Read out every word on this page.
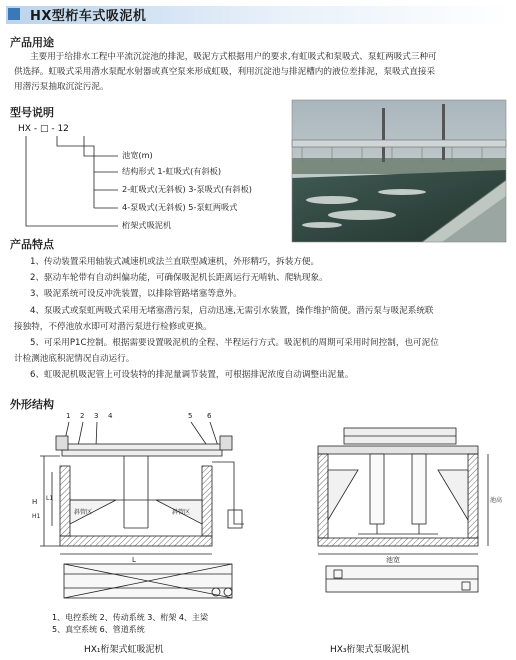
HX型桁车式吸泥机
产品用途
主要用于给排水工程中平流沉淀池的排泥，吸泥方式根据用户的要求,有虹吸式和泵吸式、泵虹两吸式三种可
供选择。虹吸式采用潜水泵配水射器或真空泵来形成虹吸，利用沉淀池与排泥槽内的液位差排泥，泵吸式直接采
用潜污泵抽取沉淀污泥。
型号说明
HX - □ - 12
池宽(m)
结构形式 1-虹吸式(有斜板)
2-虹吸式(无斜板) 3-泵吸式(有斜板)
4-泵吸式(无斜板) 5-泵虹两吸式
桁架式吸泥机
产品特点
1、传动装置采用轴装式减速机或法兰直联型减速机，外形精巧，拆装方便。
2、驱动车轮带有自动纠偏功能，可确保吸泥机长距离运行无啃轨、爬轨现象。
3、吸泥系统可设反冲洗装置，以排除管路堵塞等意外。
4、泵吸式或泵虹两吸式采用无堵塞潜污泵，启动迅速,无需引水装置，操作维护简便。潜污泵与吸泥系统联
接独特，不停池放水即可对潜污泵进行检修或更换。
5、可采用P1C控制。根据需要设置吸泥机的全程、半程运行方式。吸泥机的周期可采用时间控制，也可泥位
计检测池底积泥情况自动运行。
6、虹吸泥机吸泥管上可设装特的排泥量调节装置，可根据排泥浓度自动调整出泥量。
外形结构
1 2 3 4	5 6
H
H1
L1
L
斜管区	斜管区
1、电控系统 2、传动系统 3、桁架 4、主梁
5、真空系统 6、管道系统
HX₁桁架式虹吸泥机
池宽
池高
HX₃桁架式泵吸泥机
